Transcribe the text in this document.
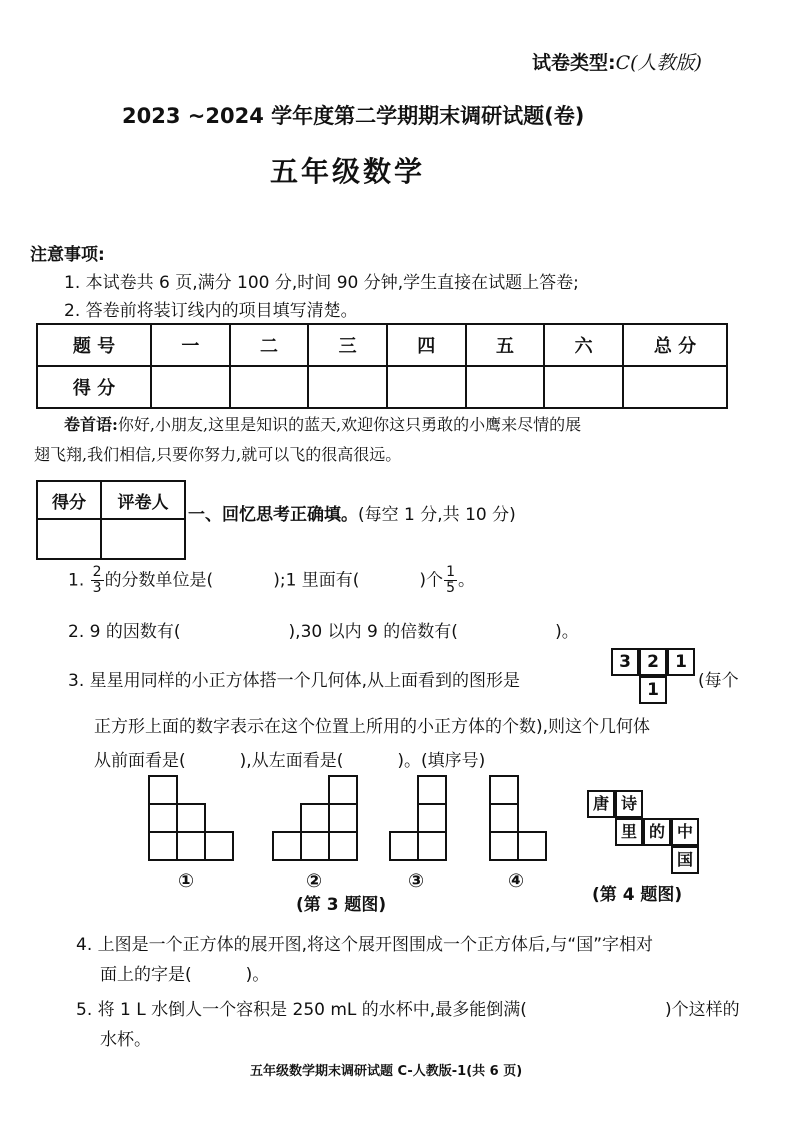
试卷类型:C(人教版)
2023 ~2024 学年度第二学期期末调研试题(卷)
五年级数学
注意事项:
1. 本试卷共 6 页,满分 100 分,时间 90 分钟,学生直接在试题上答卷;
2. 答卷前将装订线内的项目填写清楚。
题 号	一	二	三	四	五	六	总 分
得 分							
卷首语:你好,小朋友,这里是知识的蓝天,欢迎你这只勇敢的小鹰来尽情的展
翅飞翔,我们相信,只要你努力,就可以飞的很高很远。
得分	评卷人

一、回忆思考正确填。(每空 1 分,共 10 分)
1. $\frac{2}{3}$ 的分数单位是(	);1 里面有(	)个 $\frac{1}{5}$ 。
2. 9 的因数有(                    ),30 以内 9 的倍数有(                  )。
3. 星星用同样的小正方体搭一个几何体,从上面看到的图形是
3 2 1
1	(每个
正方形上面的数字表示在这个位置上所用的小正方体的个数),则这个几何体
从前面看是(          ),从左面看是(          )。(填序号)
①	②	③	④
(第 3 题图)
唐 诗
里 的 中
国
(第 4 题图)
4. 上图是一个正方体的展开图,将这个展开图围成一个正方体后,与“国”字相对
面上的字是(          )。
5. 将 1 L 水倒人一个容积是 250 mL 的水杯中,最多能倒满(	)个这样的
水杯。
五年级数学期末调研试题 C-人教版-1(共 6 页)
